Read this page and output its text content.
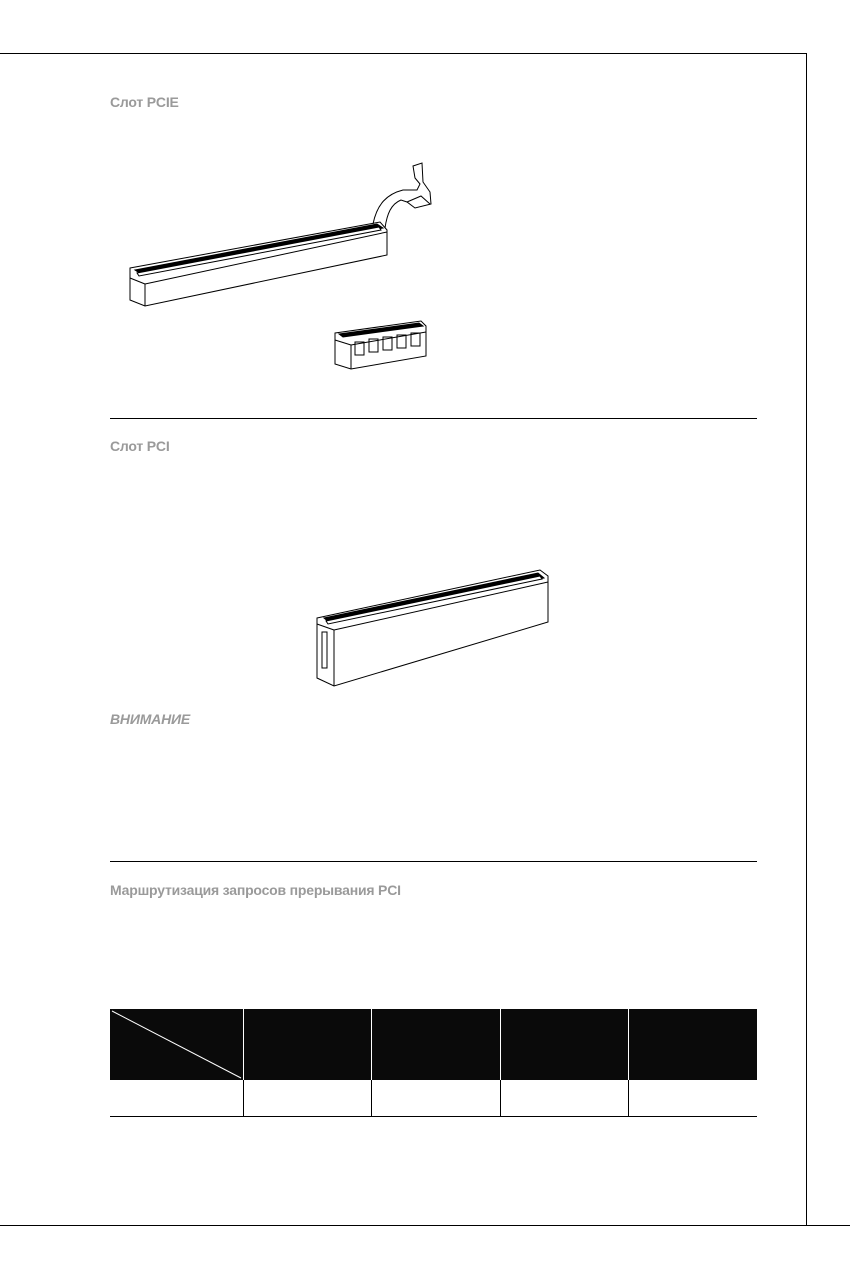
Слот PCIE
Слот PCI
ВНИМАНИЕ
Маршрутизация запросов прерывания PCI
